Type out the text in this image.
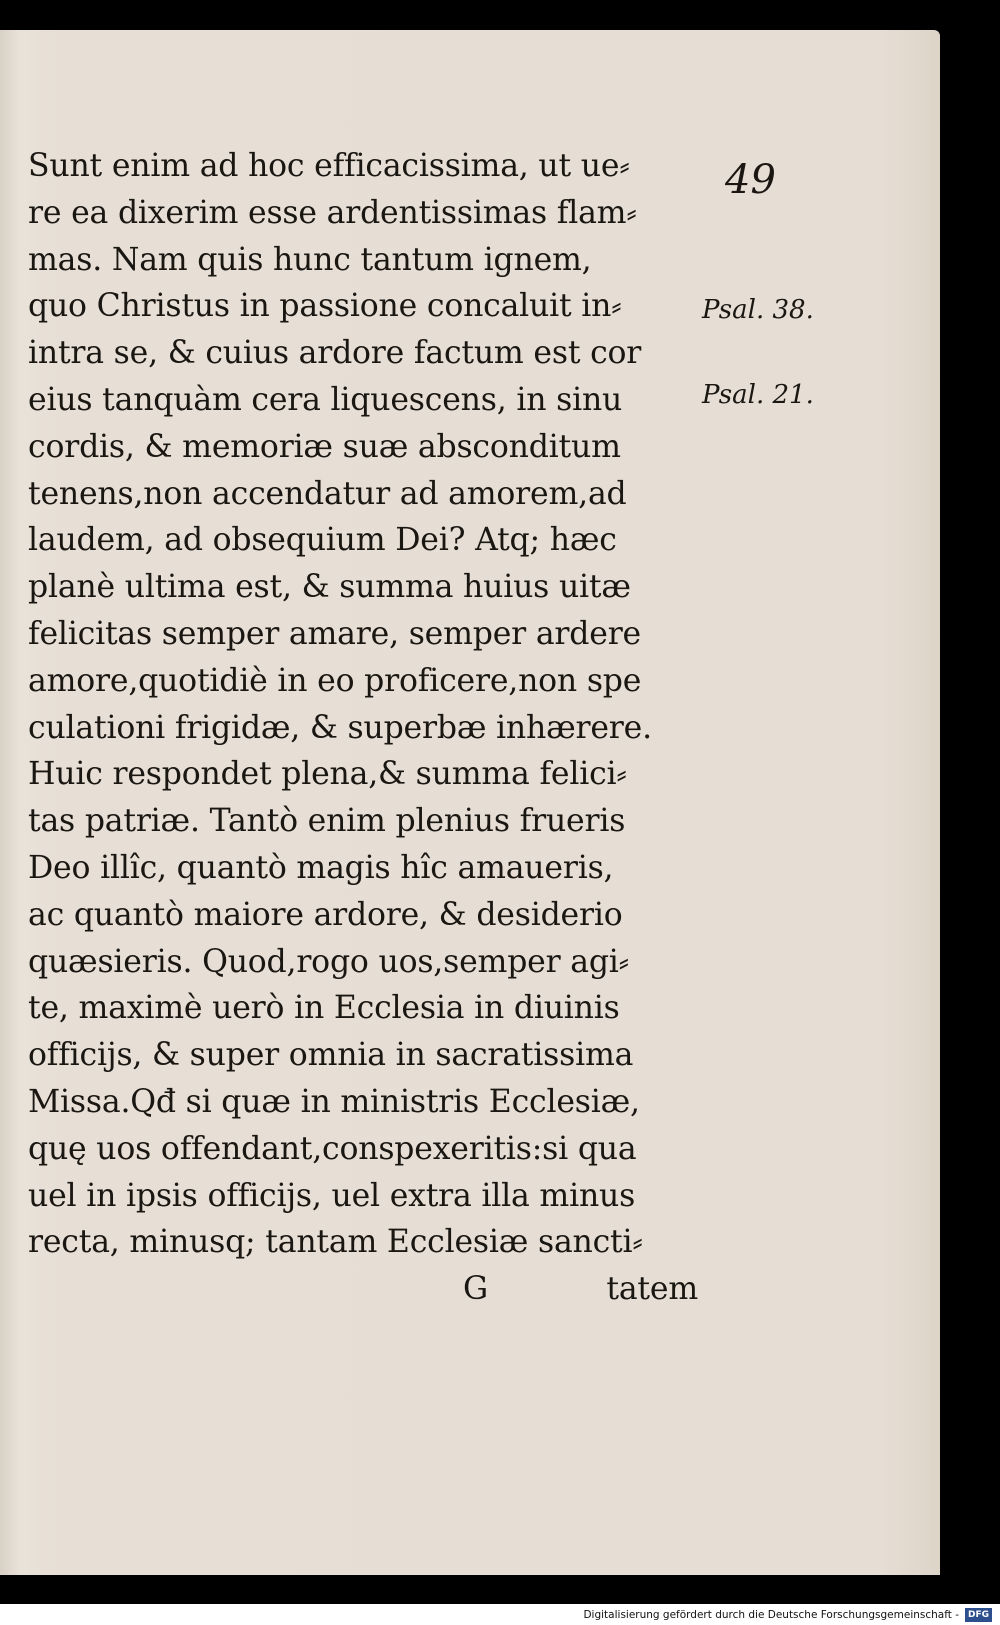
49

Sunt enim ad hoc efficacissima, ut ue⸗
re ea dixerim esse ardentissimas flam⸗
mas. Nam quis hunc tantum ignem,
quo Christus in passione concaluit in⸗
intra se, & cuius ardore factum est cor
eius tanquàm cera liquescens, in sinu
cordis, & memoriæ suæ absconditum
tenens,non accendatur ad amorem,ad
laudem, ad obsequium Dei? Atq; hæc
planè ultima est, & summa huius uitæ
felicitas semper amare, semper ardere
amore,quotidiè in eo proficere,non spe
culationi frigidæ, & superbæ inhærere.
Huic respondet plena,& summa felici⸗
tas patriæ. Tantò enim plenius frueris
Deo illîc, quantò magis hîc amaueris,
ac quantò maiore ardore, & desiderio
quæsieris. Quod,rogo uos,semper agi⸗
te, maximè uerò in Ecclesia in diuinis
officijs, & super omnia in sacratissima
Missa.Qđ si quæ in ministris Ecclesiæ,
quę uos offendant,conspexeritis:si qua
uel in ipsis officijs, uel extra illa minus
recta, minusq; tantam Ecclesiæ sancti⸗
G	tatem

Psal. 38.

Psal. 21.

Digitalisierung gefördert durch die Deutsche Forschungsgemeinschaft -	DFG
